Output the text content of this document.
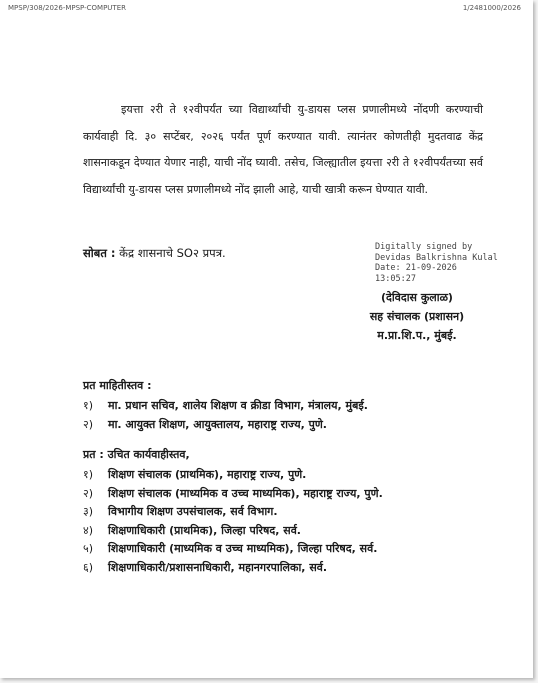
MPSP/308/2026-MPSP-COMPUTER	1/2481000/2026

इयत्ता २री ते १२वीपर्यंत च्या विद्यार्थ्यांची यु-डायस प्लस प्रणालीमध्ये नोंदणी करण्याची कार्यवाही दि. ३० सप्टेंबर, २०२६ पर्यंत पूर्ण करण्यात यावी. त्यानंतर कोणतीही मुदतवाढ केंद्र शासनाकडून देण्यात येणार नाही, याची नोंद घ्यावी. तसेच, जिल्ह्यातील इयत्ता २री ते १२वीपर्यंतच्या सर्व विद्यार्थ्यांची यु-डायस प्लस प्रणालीमध्ये नोंद झाली आहे, याची खात्री करून घेण्यात यावी.

सोबत : केंद्र शासनाचे SO२ प्रपत्र.	Digitally signed by
Devidas Balkrishna Kulal
Date: 21-09-2026
13:05:27
(देविदास कुलाळ)
सह संचालक (प्रशासन)
म.प्रा.शि.प., मुंबई.
प्रत माहितीस्तव :
१)	मा. प्रधान सचिव, शालेय शिक्षण व क्रीडा विभाग, मंत्रालय, मुंबई.
२)	मा. आयुक्त शिक्षण, आयुक्तालय, महाराष्ट्र राज्य, पुणे.
प्रत : उचित कार्यवाहीस्तव,
१)	शिक्षण संचालक (प्राथमिक), महाराष्ट्र राज्य, पुणे.
२)	शिक्षण संचालक (माध्यमिक व उच्च माध्यमिक), महाराष्ट्र राज्य, पुणे.
३)	विभागीय शिक्षण उपसंचालक, सर्व विभाग.
४)	शिक्षणाधिकारी (प्राथमिक), जिल्हा परिषद, सर्व.
५)	शिक्षणाधिकारी (माध्यमिक व उच्च माध्यमिक), जिल्हा परिषद, सर्व.
६)	शिक्षणाधिकारी/प्रशासनाधिकारी, महानगरपालिका, सर्व.
